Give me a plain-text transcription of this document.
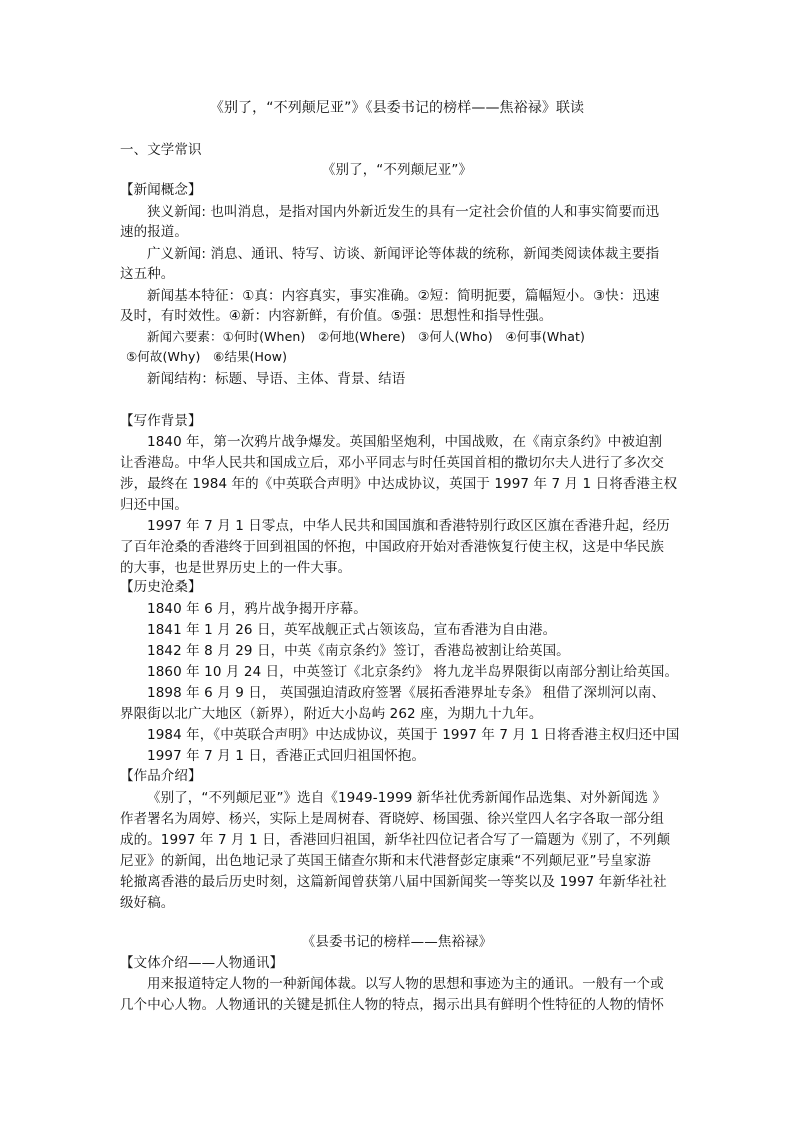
《别了，“不列颠尼亚”》《县委书记的榜样——焦裕禄》联读
一、文学常识
《别了，“不列颠尼亚”》
【新闻概念】
狭义新闻: 也叫消息，是指对国内外新近发生的具有一定社会价值的人和事实简要而迅
速的报道。
广义新闻: 消息、通讯、特写、访谈、新闻评论等体裁的统称，新闻类阅读体裁主要指
这五种。
新闻基本特征：①真：内容真实，事实准确。②短：简明扼要，篇幅短小。③快：迅速
及时，有时效性。④新：内容新鲜，有价值。⑤强：思想性和指导性强。
新闻六要素：①何时(When)　②何地(Where)　③何人(Who)　④何事(What)
⑤何故(Why)　⑥结果(How)
新闻结构：标题、导语、主体、背景、结语
【写作背景】
1840 年，第一次鸦片战争爆发。英国船坚炮利，中国战败，在《南京条约》中被迫割
让香港岛。中华人民共和国成立后，邓小平同志与时任英国首相的撒切尔夫人进行了多次交
涉，最终在 1984 年的《中英联合声明》中达成协议，英国于 1997 年 7 月 1 日将香港主权
归还中国。
1997 年 7 月 1 日零点，中华人民共和国国旗和香港特别行政区区旗在香港升起，经历
了百年沧桑的香港终于回到祖国的怀抱，中国政府开始对香港恢复行使主权，这是中华民族
的大事，也是世界历史上的一件大事。
【历史沧桑】
1840 年 6 月，鸦片战争揭开序幕。
1841 年 1 月 26 日，英军战舰正式占领该岛，宣布香港为自由港。
1842 年 8 月 29 日，中英《南京条约》签订，香港岛被割让给英国。
1860 年 10 月 24 日，中英签订《北京条约》 将九龙半岛界限街以南部分割让给英国。
1898 年 6 月 9 日， 英国强迫清政府签署《展拓香港界址专条》 租借了深圳河以南、
界限街以北广大地区（新界），附近大小岛屿 262 座，为期九十九年。
1984 年，《中英联合声明》中达成协议，英国于 1997 年 7 月 1 日将香港主权归还中国
1997 年 7 月 1 日，香港正式回归祖国怀抱。
【作品介绍】
《别了，“不列颠尼亚”》选自《1949-1999 新华社优秀新闻作品选集、对外新闻选 》
作者署名为周婷、杨兴，实际上是周树春、胥晓婷、杨国强、徐兴堂四人名字各取一部分组
成的。1997 年 7 月 1 日，香港回归祖国，新华社四位记者合写了一篇题为《别了，不列颠
尼亚》的新闻，出色地记录了英国王储查尔斯和末代港督彭定康乘“不列颠尼亚”号皇家游
轮撤离香港的最后历史时刻，这篇新闻曾获第八届中国新闻奖一等奖以及 1997 年新华社社
级好稿。
《县委书记的榜样——焦裕禄》
【文体介绍——人物通讯】
用来报道特定人物的一种新闻体裁。以写人物的思想和事迹为主的通讯。一般有一个或
几个中心人物。人物通讯的关键是抓住人物的特点，揭示出具有鲜明个性特征的人物的情怀
